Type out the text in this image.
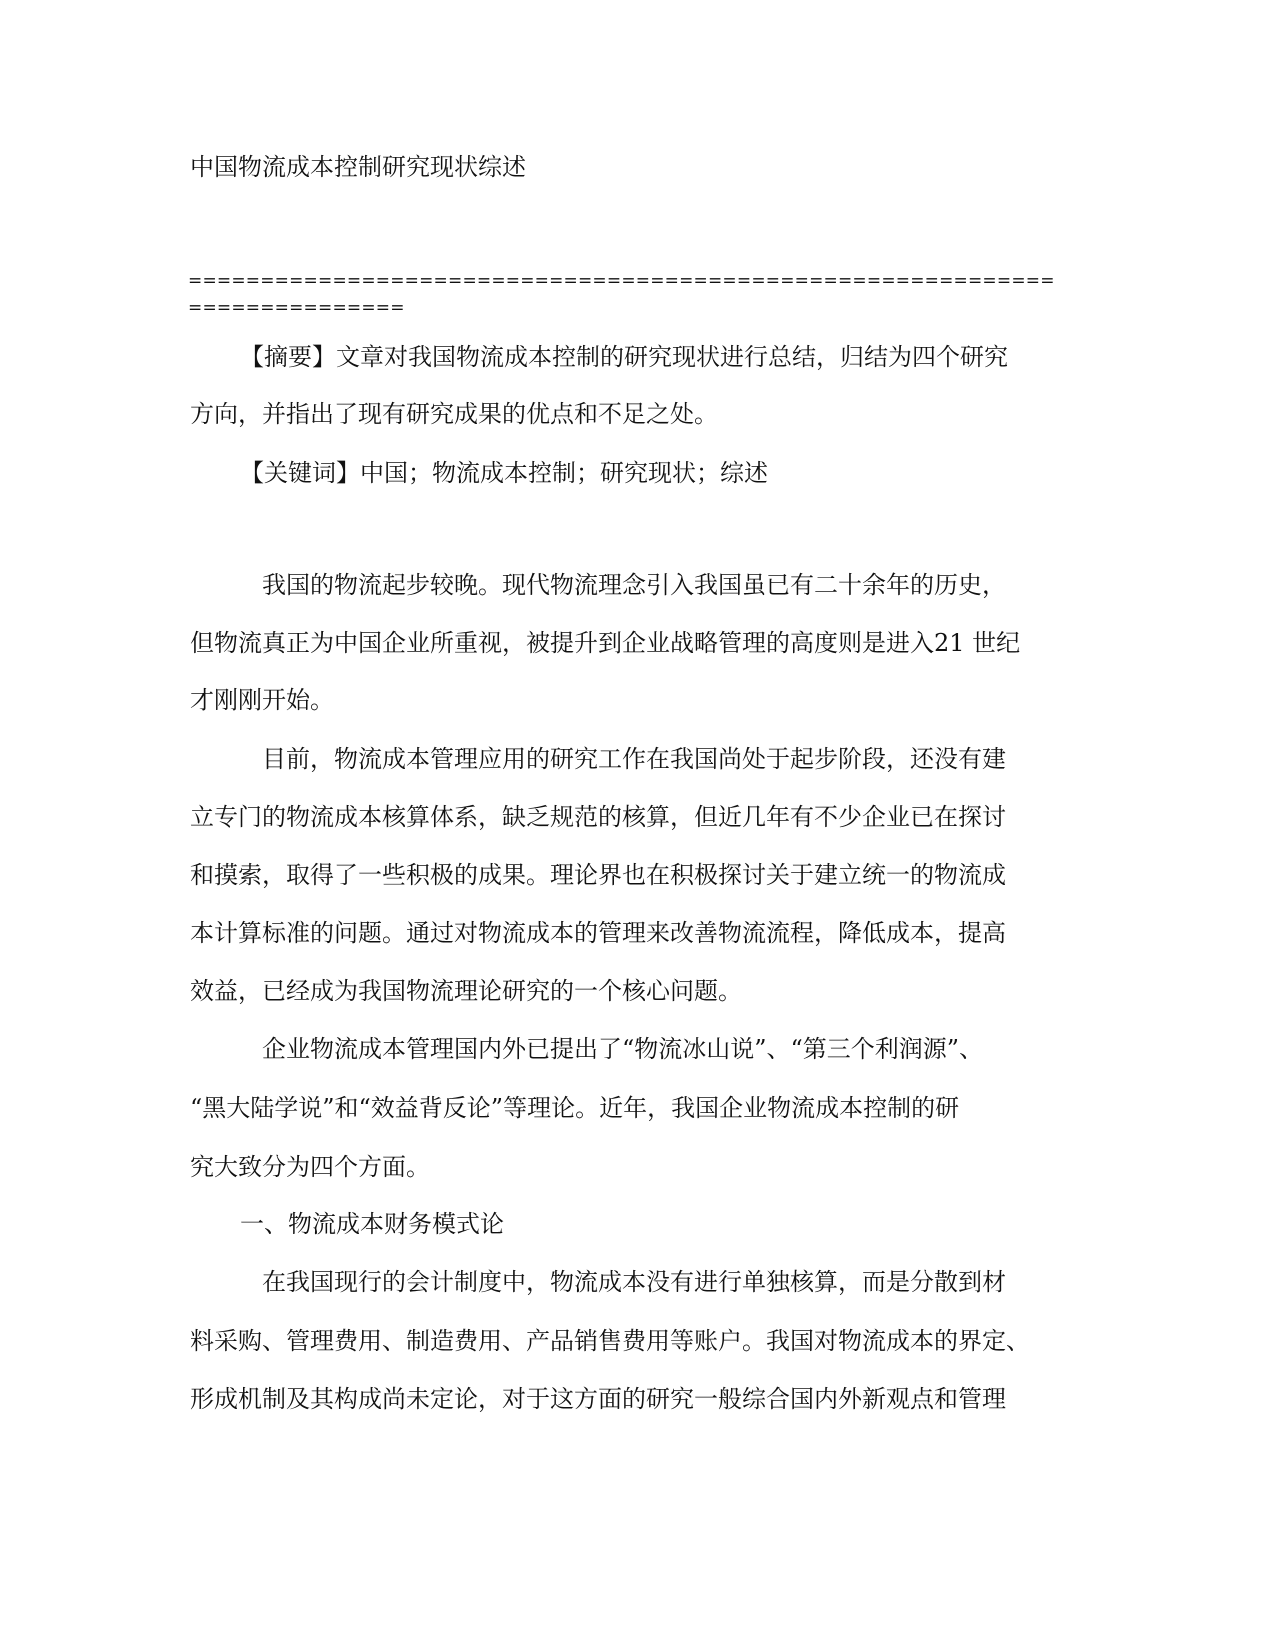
中国物流成本控制研究现状综述
===========================================================================
【摘要】文章对我国物流成本控制的研究现状进行总结，归结为四个研究
方向，并指出了现有研究成果的优点和不足之处。
【关键词】中国；物流成本控制；研究现状；综述
我国的物流起步较晚。现代物流理念引入我国虽已有二十余年的历史，
但物流真正为中国企业所重视，被提升到企业战略管理的高度则是进入21 世纪
才刚刚开始。
目前，物流成本管理应用的研究工作在我国尚处于起步阶段，还没有建
立专门的物流成本核算体系，缺乏规范的核算，但近几年有不少企业已在探讨
和摸索，取得了一些积极的成果。理论界也在积极探讨关于建立统一的物流成
本计算标准的问题。通过对物流成本的管理来改善物流流程，降低成本，提高
效益，已经成为我国物流理论研究的一个核心问题。
企业物流成本管理国内外已提出了“物流冰山说”、“第三个利润源”、
“黑大陆学说”和“效益背反论”等理论。近年，我国企业物流成本控制的研
究大致分为四个方面。
一、物流成本财务模式论
在我国现行的会计制度中，物流成本没有进行单独核算，而是分散到材
料采购、管理费用、制造费用、产品销售费用等账户。我国对物流成本的界定、
形成机制及其构成尚未定论，对于这方面的研究一般综合国内外新观点和管理
